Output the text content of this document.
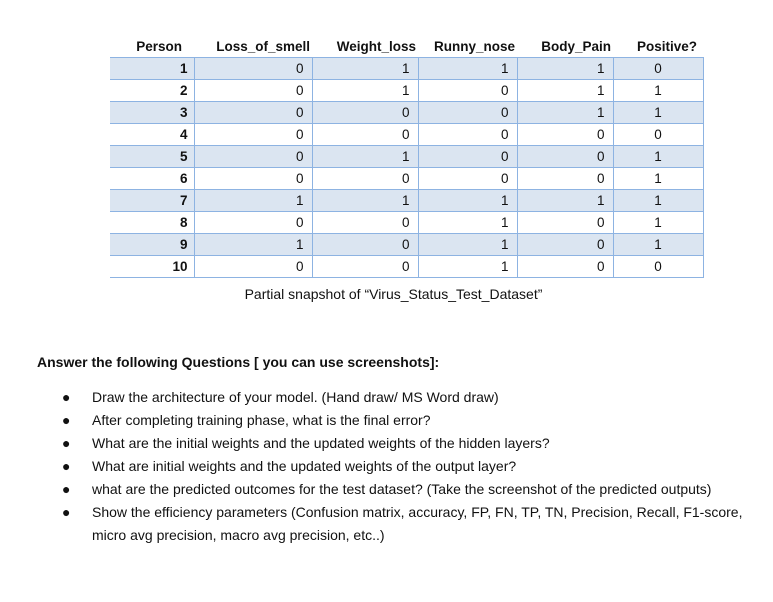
Person	Loss_of_smell	Weight_loss	Runny_nose	Body_Pain	Positive?
1	0	1	1	1	0
2	0	1	0	1	1
3	0	0	0	1	1
4	0	0	0	0	0
5	0	1	0	0	1
6	0	0	0	0	1
7	1	1	1	1	1
8	0	0	1	0	1
9	1	0	1	0	1
10	0	0	1	0	0
Partial snapshot of “Virus_Status_Test_Dataset”
Answer the following Questions [ you can use screenshots]:
● Draw the architecture of your model. (Hand draw/ MS Word draw)
● After completing training phase, what is the final error?
● What are the initial weights and the updated weights of the hidden layers?
● What are initial weights and the updated weights of the output layer?
● what are the predicted outcomes for the test dataset? (Take the screenshot of the predicted outputs)
● Show the efficiency parameters (Confusion matrix, accuracy, FP, FN, TP, TN, Precision, Recall, F1-score, micro avg precision, macro avg precision, etc..)
